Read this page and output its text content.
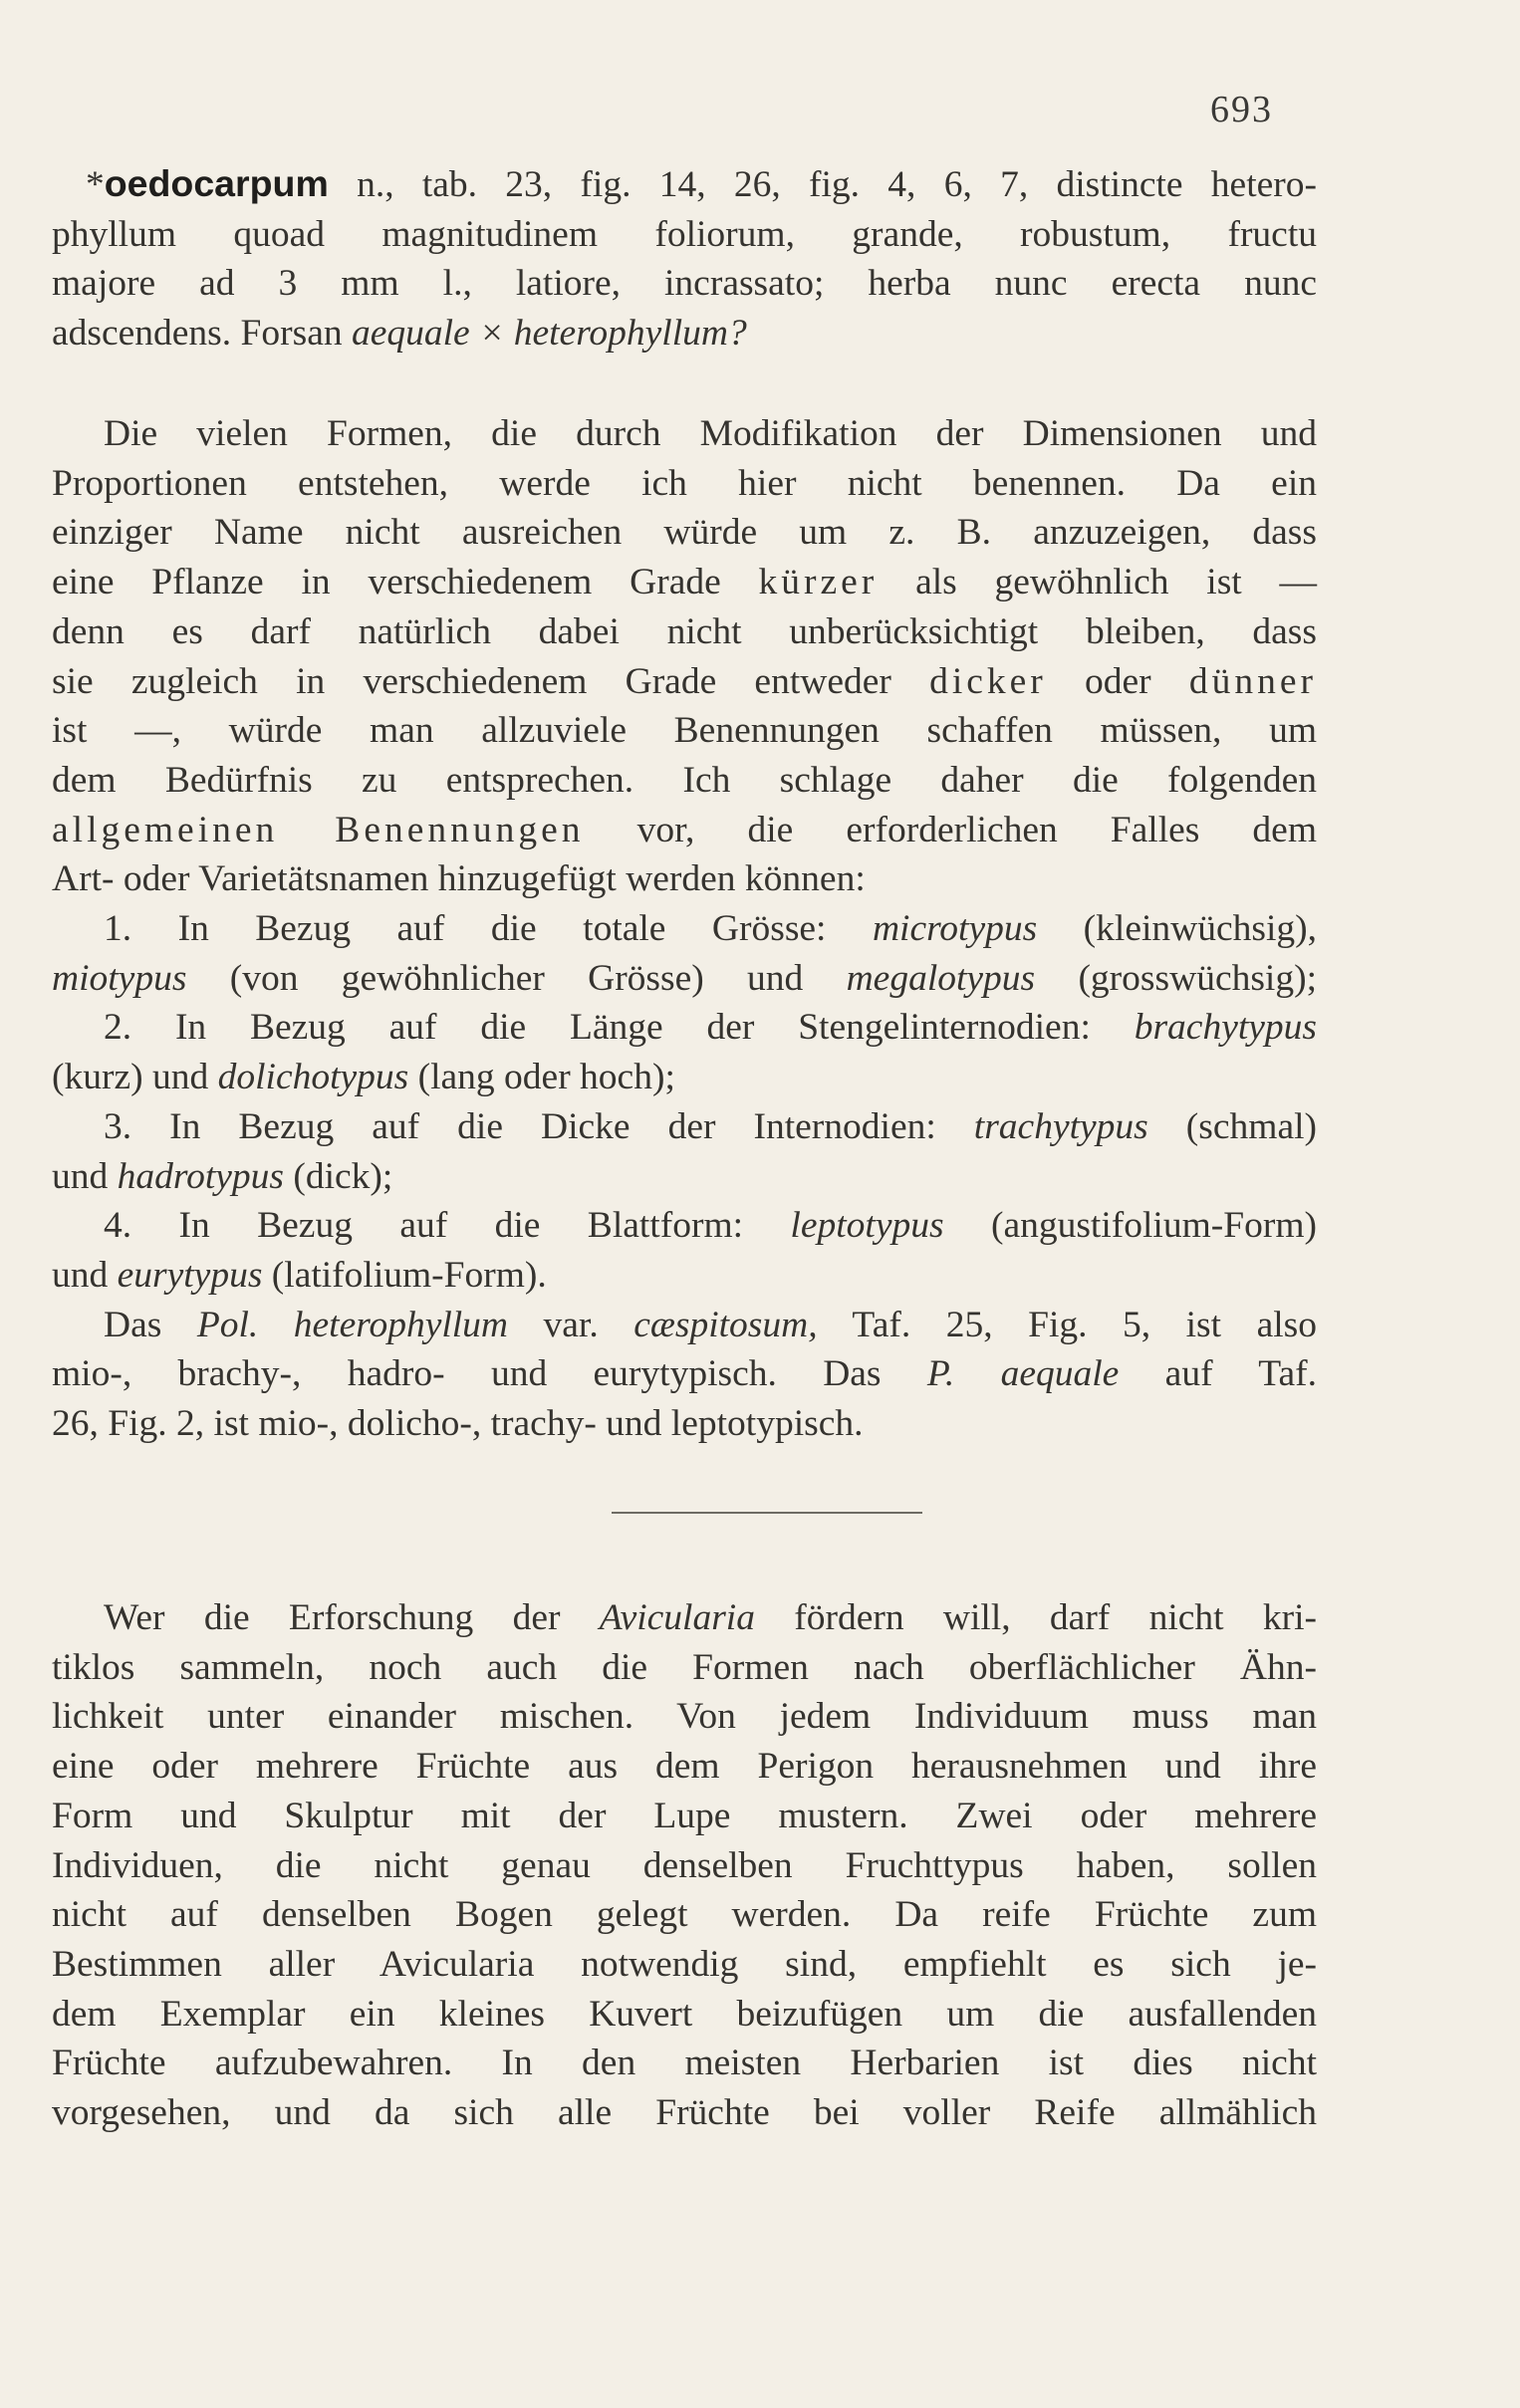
693
*oedocarpum n., tab. 23, fig. 14, 26, fig. 4, 6, 7, distincte hetero-
phyllum quoad magnitudinem foliorum, grande, robustum, fructu
majore ad 3 mm l., latiore, incrassato; herba nunc erecta nunc
adscendens. Forsan aequale × heterophyllum?
Die vielen Formen, die durch Modifikation der Dimensionen und
Proportionen entstehen, werde ich hier nicht benennen. Da ein
einziger Name nicht ausreichen würde um z. B. anzuzeigen, dass
eine Pflanze in verschiedenem Grade kürzer als gewöhnlich ist —
denn es darf natürlich dabei nicht unberücksichtigt bleiben, dass
sie zugleich in verschiedenem Grade entweder dicker oder dünner
ist —, würde man allzuviele Benennungen schaffen müssen, um
dem Bedürfnis zu entsprechen. Ich schlage daher die folgenden
allgemeinen Benennungen vor, die erforderlichen Falles dem
Art- oder Varietätsnamen hinzugefügt werden können:
1. In Bezug auf die totale Grösse: microtypus (kleinwüchsig),
miotypus (von gewöhnlicher Grösse) und megalotypus (grosswüchsig);
2. In Bezug auf die Länge der Stengelinternodien: brachytypus
(kurz) und dolichotypus (lang oder hoch);
3. In Bezug auf die Dicke der Internodien: trachytypus (schmal)
und hadrotypus (dick);
4. In Bezug auf die Blattform: leptotypus (angustifolium-Form)
und eurytypus (latifolium-Form).
Das Pol. heterophyllum var. cæspitosum, Taf. 25, Fig. 5, ist also
mio-, brachy-, hadro- und eurytypisch. Das P. aequale auf Taf.
26, Fig. 2, ist mio-, dolicho-, trachy- und leptotypisch.
Wer die Erforschung der Avicularia fördern will, darf nicht kri-
tiklos sammeln, noch auch die Formen nach oberflächlicher Ähn-
lichkeit unter einander mischen. Von jedem Individuum muss man
eine oder mehrere Früchte aus dem Perigon herausnehmen und ihre
Form und Skulptur mit der Lupe mustern. Zwei oder mehrere
Individuen, die nicht genau denselben Fruchttypus haben, sollen
nicht auf denselben Bogen gelegt werden. Da reife Früchte zum
Bestimmen aller Avicularia notwendig sind, empfiehlt es sich je-
dem Exemplar ein kleines Kuvert beizufügen um die ausfallenden
Früchte aufzubewahren. In den meisten Herbarien ist dies nicht
vorgesehen, und da sich alle Früchte bei voller Reife allmählich
